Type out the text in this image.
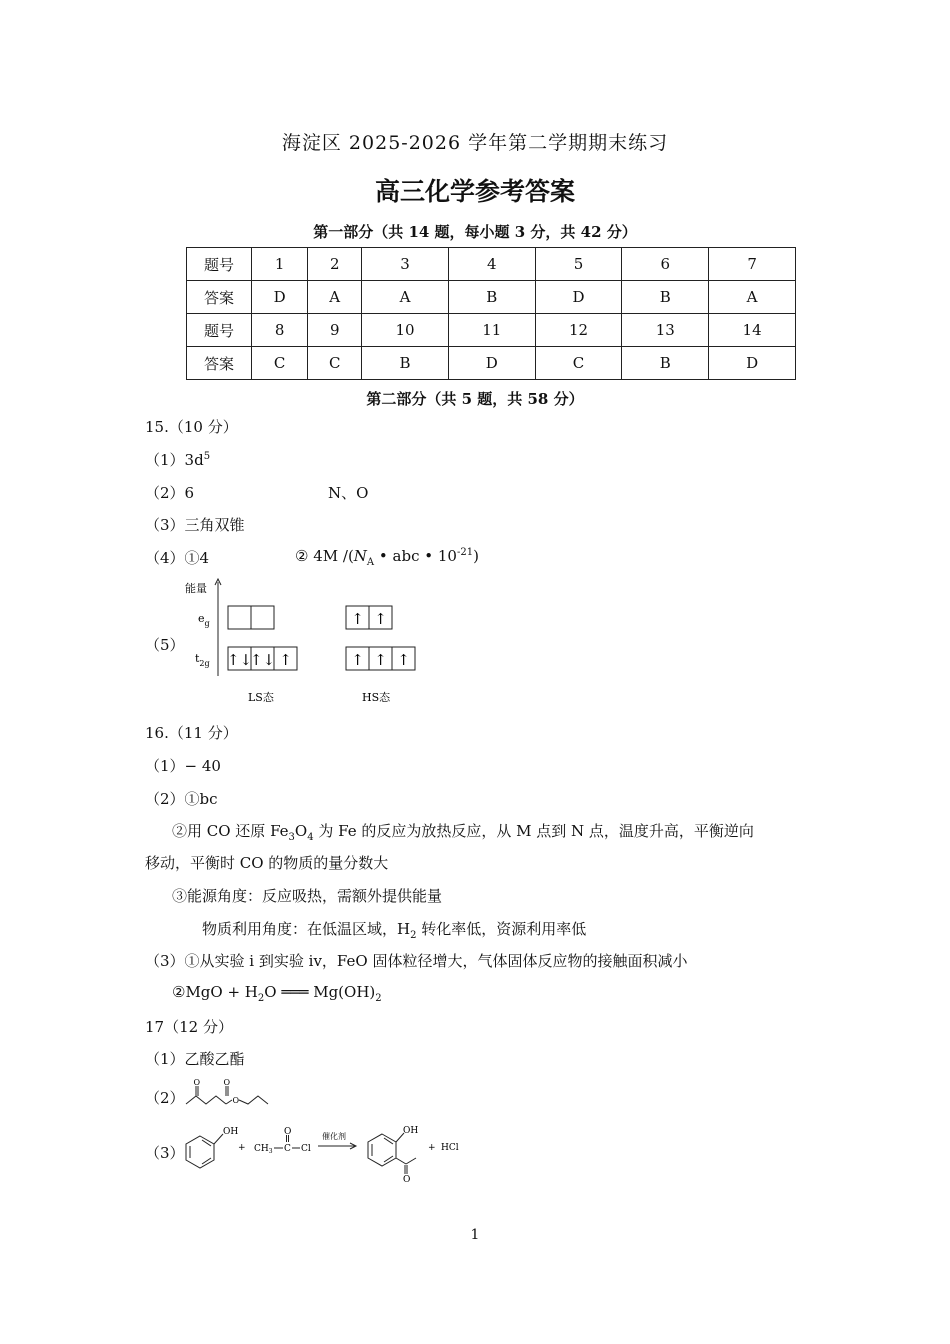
海淀区 2025-2026 学年第二学期期末练习
高三化学参考答案
第一部分（共 14 题，每小题 3 分，共 42 分）
题号	1	2	3	4	5	6	7
答案	D	A	A	B	D	B	A
题号	8	9	10	11	12	13	14
答案	C	C	B	D	C	B	D
第二部分（共 5 题，共 58 分）
15.（10 分）
$(1)3d^5$
（2）6	N、O
（3）三角双锥
（4）①4	② 4M $/(N_A$ • abc • $10^{-21}$)
（5）
能量
$e_g$
$t_{2g}$ ↑↓
↑↓ ↑
↑ ↑
↑ ↑ ↑
LS态	HS态
16.（11 分）
（1）− 40
（2）①bc
②用 CO 还原 $Fe_3O_4$ 为 Fe 的反应为放热反应，从 M 点到 N 点，温度升高，平衡逆向
移动，平衡时 CO 的物质的量分数大
③能源角度：反应吸热，需额外提供能量
物质利用角度：在低温区域，$H_2$ 转化率低，资源利用率低
（3）①从实验 i 到实验 iv，FeO 固体粒径增大，气体固体反应物的接触面积减小
②MgO + $H_2O$ ═══ $Mg(OH)_2$
17（12 分）
（1）乙酸乙酯
（2）
O	O
O
（3）
OH
+ $CH_3$ C
O
Cl
催化剂
OH
O
+ HCl
1
